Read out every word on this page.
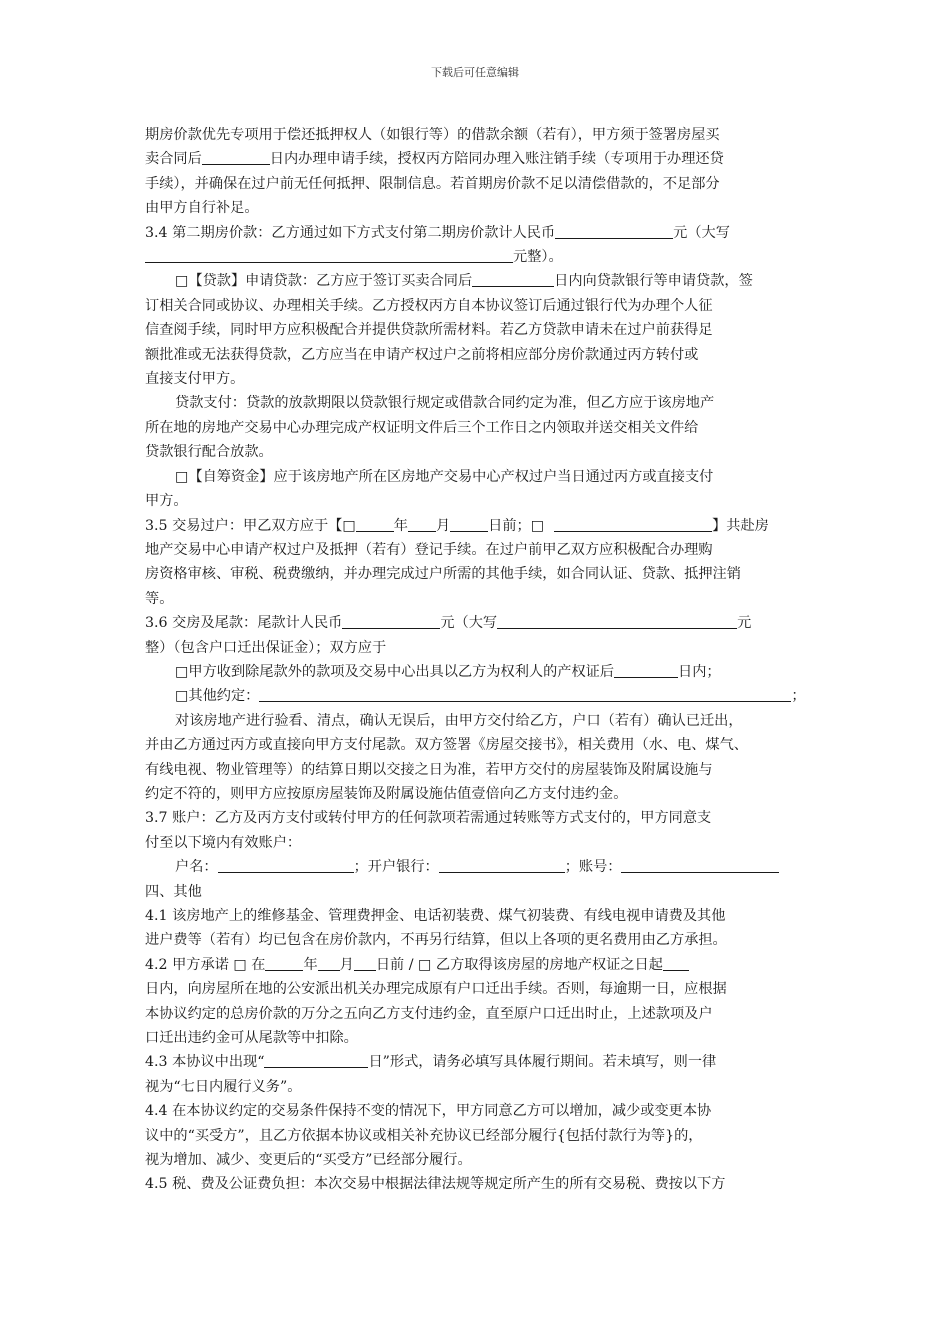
下载后可任意编辑

期房价款优先专项用于偿还抵押权人（如银行等）的借款余额（若有），甲方须于签署房屋买

卖合同后	日内办理申请手续，授权丙方陪同办理入账注销手续（专项用于办理还贷

手续），并确保在过户前无任何抵押、限制信息。若首期房价款不足以清偿借款的，不足部分

由甲方自行补足。

3.4 第二期房价款：乙方通过如下方式支付第二期房价款计人民币	元（大写

元整）。

□【贷款】申请贷款：乙方应于签订买卖合同后	日内向贷款银行等申请贷款，签

订相关合同或协议、办理相关手续。乙方授权丙方自本协议签订后通过银行代为办理个人征

信查阅手续，同时甲方应积极配合并提供贷款所需材料。若乙方贷款申请未在过户前获得足

额批准或无法获得贷款，乙方应当在申请产权过户之前将相应部分房价款通过丙方转付或

直接支付甲方。

贷款支付：贷款的放款期限以贷款银行规定或借款合同约定为准，但乙方应于该房地产

所在地的房地产交易中心办理完成产权证明文件后三个工作日之内领取并送交相关文件给

贷款银行配合放款。

□【自筹资金】应于该房地产所在区房地产交易中心产权过户当日通过丙方或直接支付

甲方。

3.5 交易过户：甲乙双方应于【□	年 月	日前；□	】共赴房

地产交易中心申请产权过户及抵押（若有）登记手续。在过户前甲乙双方应积极配合办理购

房资格审核、审税、税费缴纳，并办理完成过户所需的其他手续，如合同认证、贷款、抵押注销

等。

3.6 交房及尾款：尾款计人民币	元（大写	元

整）（包含户口迁出保证金）；双方应于

□甲方收到除尾款外的款项及交易中心出具以乙方为权利人的产权证后	日内；

□其他约定：	；

对该房地产进行验看、清点，确认无误后，由甲方交付给乙方，户口（若有）确认已迁出，

并由乙方通过丙方或直接向甲方支付尾款。双方签署《房屋交接书》，相关费用（水、电、煤气、

有线电视、物业管理等）的结算日期以交接之日为准，若甲方交付的房屋装饰及附属设施与

约定不符的，则甲方应按原房屋装饰及附属设施估值壹倍向乙方支付违约金。

3.7 账户：乙方及丙方支付或转付甲方的任何款项若需通过转账等方式支付的，甲方同意支

付至以下境内有效账户：

户名：	；开户银行：	；账号：

四、其他

4.1 该房地产上的维修基金、管理费押金、电话初装费、煤气初装费、有线电视申请费及其他

进户费等（若有）均已包含在房价款内，不再另行结算，但以上各项的更名费用由乙方承担。

4.2 甲方承诺 □ 在	年 月 日前 / □ 乙方取得该房屋的房地产权证之日起

日内，向房屋所在地的公安派出机关办理完成原有户口迁出手续。否则，每逾期一日，应根据

本协议约定的总房价款的万分之五向乙方支付违约金，直至原户口迁出时止，上述款项及户

口迁出违约金可从尾款等中扣除。

4.3 本协议中出现“	日”形式，请务必填写具体履行期间。若未填写，则一律

视为“七日内履行义务”。

4.4 在本协议约定的交易条件保持不变的情况下，甲方同意乙方可以增加，减少或变更本协

议中的“买受方”，且乙方依据本协议或相关补充协议已经部分履行{包括付款行为等}的，

视为增加、减少、变更后的“买受方”已经部分履行。

4.5 税、费及公证费负担：本次交易中根据法律法规等规定所产生的所有交易税、费按以下方
